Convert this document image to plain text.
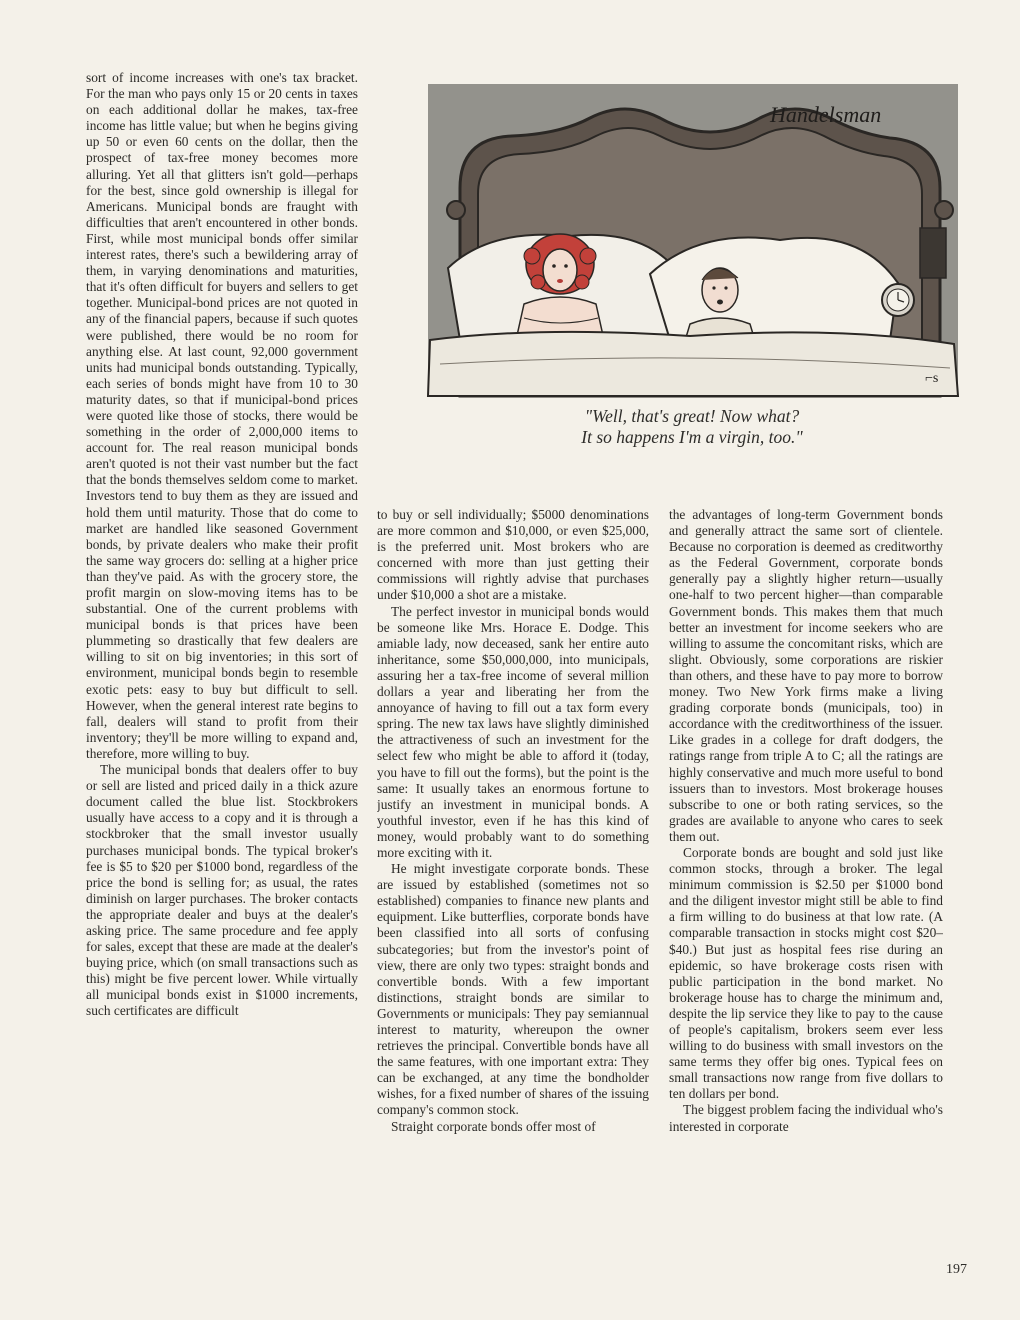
sort of income increases with one's tax bracket. For the man who pays only 15 or 20 cents in taxes on each additional dollar he makes, tax-free income has little value; but when he begins giving up 50 or even 60 cents on the dollar, then the prospect of tax-free money becomes more alluring. Yet all that glitters isn't gold—perhaps for the best, since gold ownership is illegal for Americans. Municipal bonds are fraught with difficulties that aren't encountered in other bonds. First, while most municipal bonds offer similar interest rates, there's such a bewildering array of them, in varying denominations and maturities, that it's often difficult for buyers and sellers to get together. Municipal-bond prices are not quoted in any of the financial papers, because if such quotes were published, there would be no room for anything else. At last count, 92,000 government units had municipal bonds outstanding. Typically, each series of bonds might have from 10 to 30 maturity dates, so that if municipal-bond prices were quoted like those of stocks, there would be something in the order of 2,000,000 items to account for. The real reason municipal bonds aren't quoted is not their vast number but the fact that the bonds themselves seldom come to market. Investors tend to buy them as they are issued and hold them until maturity. Those that do come to market are handled like seasoned Government bonds, by private dealers who make their profit the same way grocers do: selling at a higher price than they've paid. As with the grocery store, the profit margin on slow-moving items has to be substantial. One of the current problems with municipal bonds is that prices have been plummeting so drastically that few dealers are willing to sit on big inventories; in this sort of environment, municipal bonds begin to resemble exotic pets: easy to buy but difficult to sell. However, when the general interest rate begins to fall, dealers will stand to profit from their inventory; they'll be more willing to expand and, therefore, more willing to buy.

The municipal bonds that dealers offer to buy or sell are listed and priced daily in a thick azure document called the blue list. Stockbrokers usually have access to a copy and it is through a stockbroker that the small investor usually purchases municipal bonds. The typical broker's fee is $5 to $20 per $1000 bond, regardless of the price the bond is selling for; as usual, the rates diminish on larger purchases. The broker contacts the appropriate dealer and buys at the dealer's asking price. The same procedure and fee apply for sales, except that these are made at the dealer's buying price, which (on small transactions such as this) might be five percent lower. While virtually all municipal bonds exist in $1000 increments, such certificates are difficult

Handelsman
⌐s
"Well, that's great! Now what?
It so happens I'm a virgin, too."

to buy or sell individually; $5000 denominations are more common and $10,000, or even $25,000, is the preferred unit. Most brokers who are concerned with more than just getting their commissions will rightly advise that purchases under $10,000 a shot are a mistake.

The perfect investor in municipal bonds would be someone like Mrs. Horace E. Dodge. This amiable lady, now deceased, sank her entire auto inheritance, some $50,000,000, into municipals, assuring her a tax-free income of several million dollars a year and liberating her from the annoyance of having to fill out a tax form every spring. The new tax laws have slightly diminished the attractiveness of such an investment for the select few who might be able to afford it (today, you have to fill out the forms), but the point is the same: It usually takes an enormous fortune to justify an investment in municipal bonds. A youthful investor, even if he has this kind of money, would probably want to do something more exciting with it.

He might investigate corporate bonds. These are issued by established (sometimes not so established) companies to finance new plants and equipment. Like butterflies, corporate bonds have been classified into all sorts of confusing subcategories; but from the investor's point of view, there are only two types: straight bonds and convertible bonds. With a few important distinctions, straight bonds are similar to Governments or municipals: They pay semiannual interest to maturity, whereupon the owner retrieves the principal. Convertible bonds have all the same features, with one important extra: They can be exchanged, at any time the bondholder wishes, for a fixed number of shares of the issuing company's common stock.

Straight corporate bonds offer most of

the advantages of long-term Government bonds and generally attract the same sort of clientele. Because no corporation is deemed as creditworthy as the Federal Government, corporate bonds generally pay a slightly higher return—usually one-half to two percent higher—than comparable Government bonds. This makes them that much better an investment for income seekers who are willing to assume the concomitant risks, which are slight. Obviously, some corporations are riskier than others, and these have to pay more to borrow money. Two New York firms make a living grading corporate bonds (municipals, too) in accordance with the creditworthiness of the issuer. Like grades in a college for draft dodgers, the ratings range from triple A to C; all the ratings are highly conservative and much more useful to bond issuers than to investors. Most brokerage houses subscribe to one or both rating services, so the grades are available to anyone who cares to seek them out.

Corporate bonds are bought and sold just like common stocks, through a broker. The legal minimum commission is $2.50 per $1000 bond and the diligent investor might still be able to find a firm willing to do business at that low rate. (A comparable transaction in stocks might cost $20–$40.) But just as hospital fees rise during an epidemic, so have brokerage costs risen with public participation in the bond market. No brokerage house has to charge the minimum and, despite the lip service they like to pay to the cause of people's capitalism, brokers seem ever less willing to do business with small investors on the same terms they offer big ones. Typical fees on small transactions now range from five dollars to ten dollars per bond.

The biggest problem facing the individual who's interested in corporate

197
